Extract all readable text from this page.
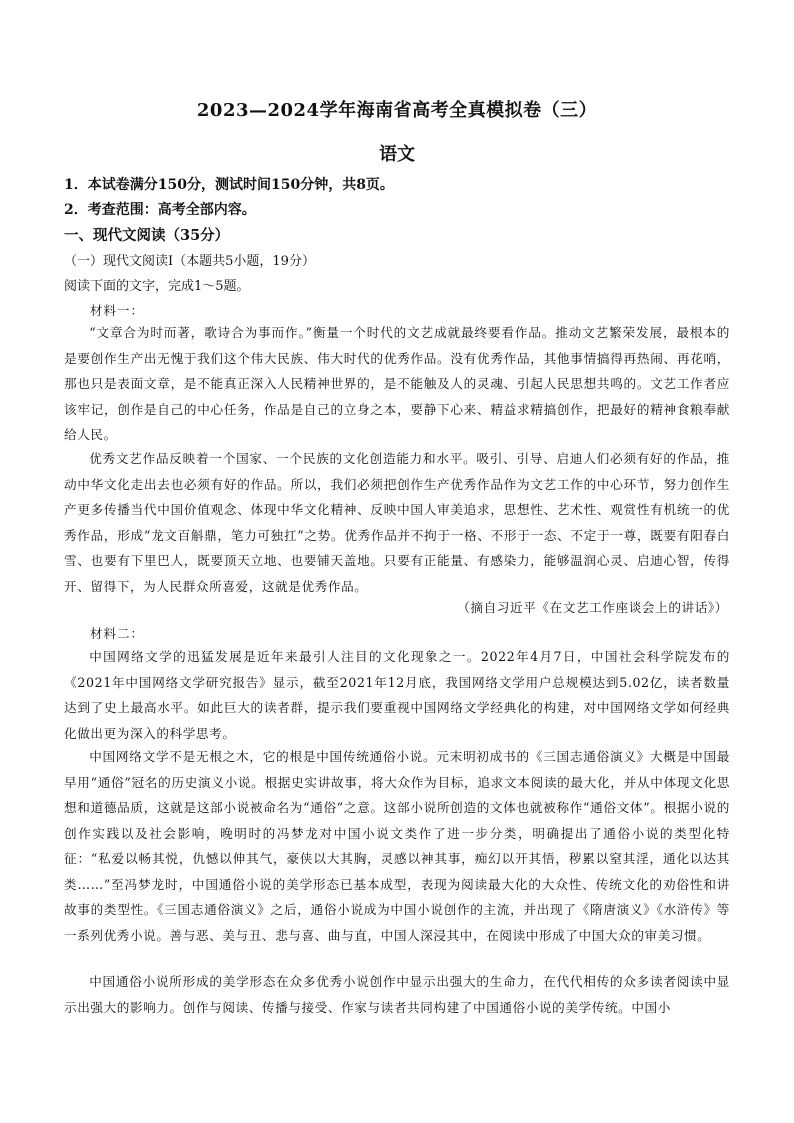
2023—2024学年海南省高考全真模拟卷（三）
语文
1．本试卷满分150分，测试时间150分钟，共8页。
2．考查范围：高考全部内容。
一、现代文阅读（35分）
（一）现代文阅读Ⅰ（本题共5小题，19分）
阅读下面的文字，完成1～5题。
材料一：

“文章合为时而著，歌诗合为事而作。”衡量一个时代的文艺成就最终要看作品。推动文艺繁荣发展，最根本的是要创作生产出无愧于我们这个伟大民族、伟大时代的优秀作品。没有优秀作品，其他事情搞得再热闹、再花哨，那也只是表面文章，是不能真正深入人民精神世界的，是不能触及人的灵魂、引起人民思想共鸣的。文艺工作者应该牢记，创作是自己的中心任务，作品是自己的立身之本，要静下心来、精益求精搞创作，把最好的精神食粮奉献给人民。

优秀文艺作品反映着一个国家、一个民族的文化创造能力和水平。吸引、引导、启迪人们必须有好的作品，推动中华文化走出去也必须有好的作品。所以，我们必须把创作生产优秀作品作为文艺工作的中心环节，努力创作生产更多传播当代中国价值观念、体现中华文化精神、反映中国人审美追求，思想性、艺术性、观赏性有机统一的优秀作品，形成“龙文百斛鼎，笔力可独扛”之势。优秀作品并不拘于一格、不形于一态、不定于一尊，既要有阳春白雪、也要有下里巴人，既要顶天立地、也要铺天盖地。只要有正能量、有感染力，能够温润心灵、启迪心智，传得开、留得下，为人民群众所喜爱，这就是优秀作品。

（摘自习近平《在文艺工作座谈会上的讲话》）
材料二：

中国网络文学的迅猛发展是近年来最引人注目的文化现象之一。2022年4月7日，中国社会科学院发布的《2021年中国网络文学研究报告》显示，截至2021年12月底，我国网络文学用户总规模达到5.02亿，读者数量达到了史上最高水平。如此巨大的读者群，提示我们要重视中国网络文学经典化的构建，对中国网络文学如何经典化做出更为深入的科学思考。

中国网络文学不是无根之木，它的根是中国传统通俗小说。元末明初成书的《三国志通俗演义》大概是中国最早用“通俗”冠名的历史演义小说。根据史实讲故事，将大众作为目标，追求文本阅读的最大化，并从中体现文化思想和道德品质，这就是这部小说被命名为“通俗”之意。这部小说所创造的文体也就被称作“通俗文体”。根据小说的创作实践以及社会影响，晚明时的冯梦龙对中国小说文类作了进一步分类，明确提出了通俗小说的类型化特征：“私爱以畅其悦，仇憾以伸其气，豪侠以大其胸，灵感以神其事，痴幻以开其悟，秽累以窒其淫，通化以达其类……”至冯梦龙时，中国通俗小说的美学形态已基本成型，表现为阅读最大化的大众性、传统文化的劝俗性和讲故事的类型性。《三国志通俗演义》之后，通俗小说成为中国小说创作的主流，并出现了《隋唐演义》《水浒传》等一系列优秀小说。善与恶、美与丑、悲与喜、曲与直，中国人深浸其中，在阅读中形成了中国大众的审美习惯。

中国通俗小说所形成的美学形态在众多优秀小说创作中显示出强大的生命力，在代代相传的众多读者阅读中显示出强大的影响力。创作与阅读、传播与接受、作家与读者共同构建了中国通俗小说的美学传统。中国小
